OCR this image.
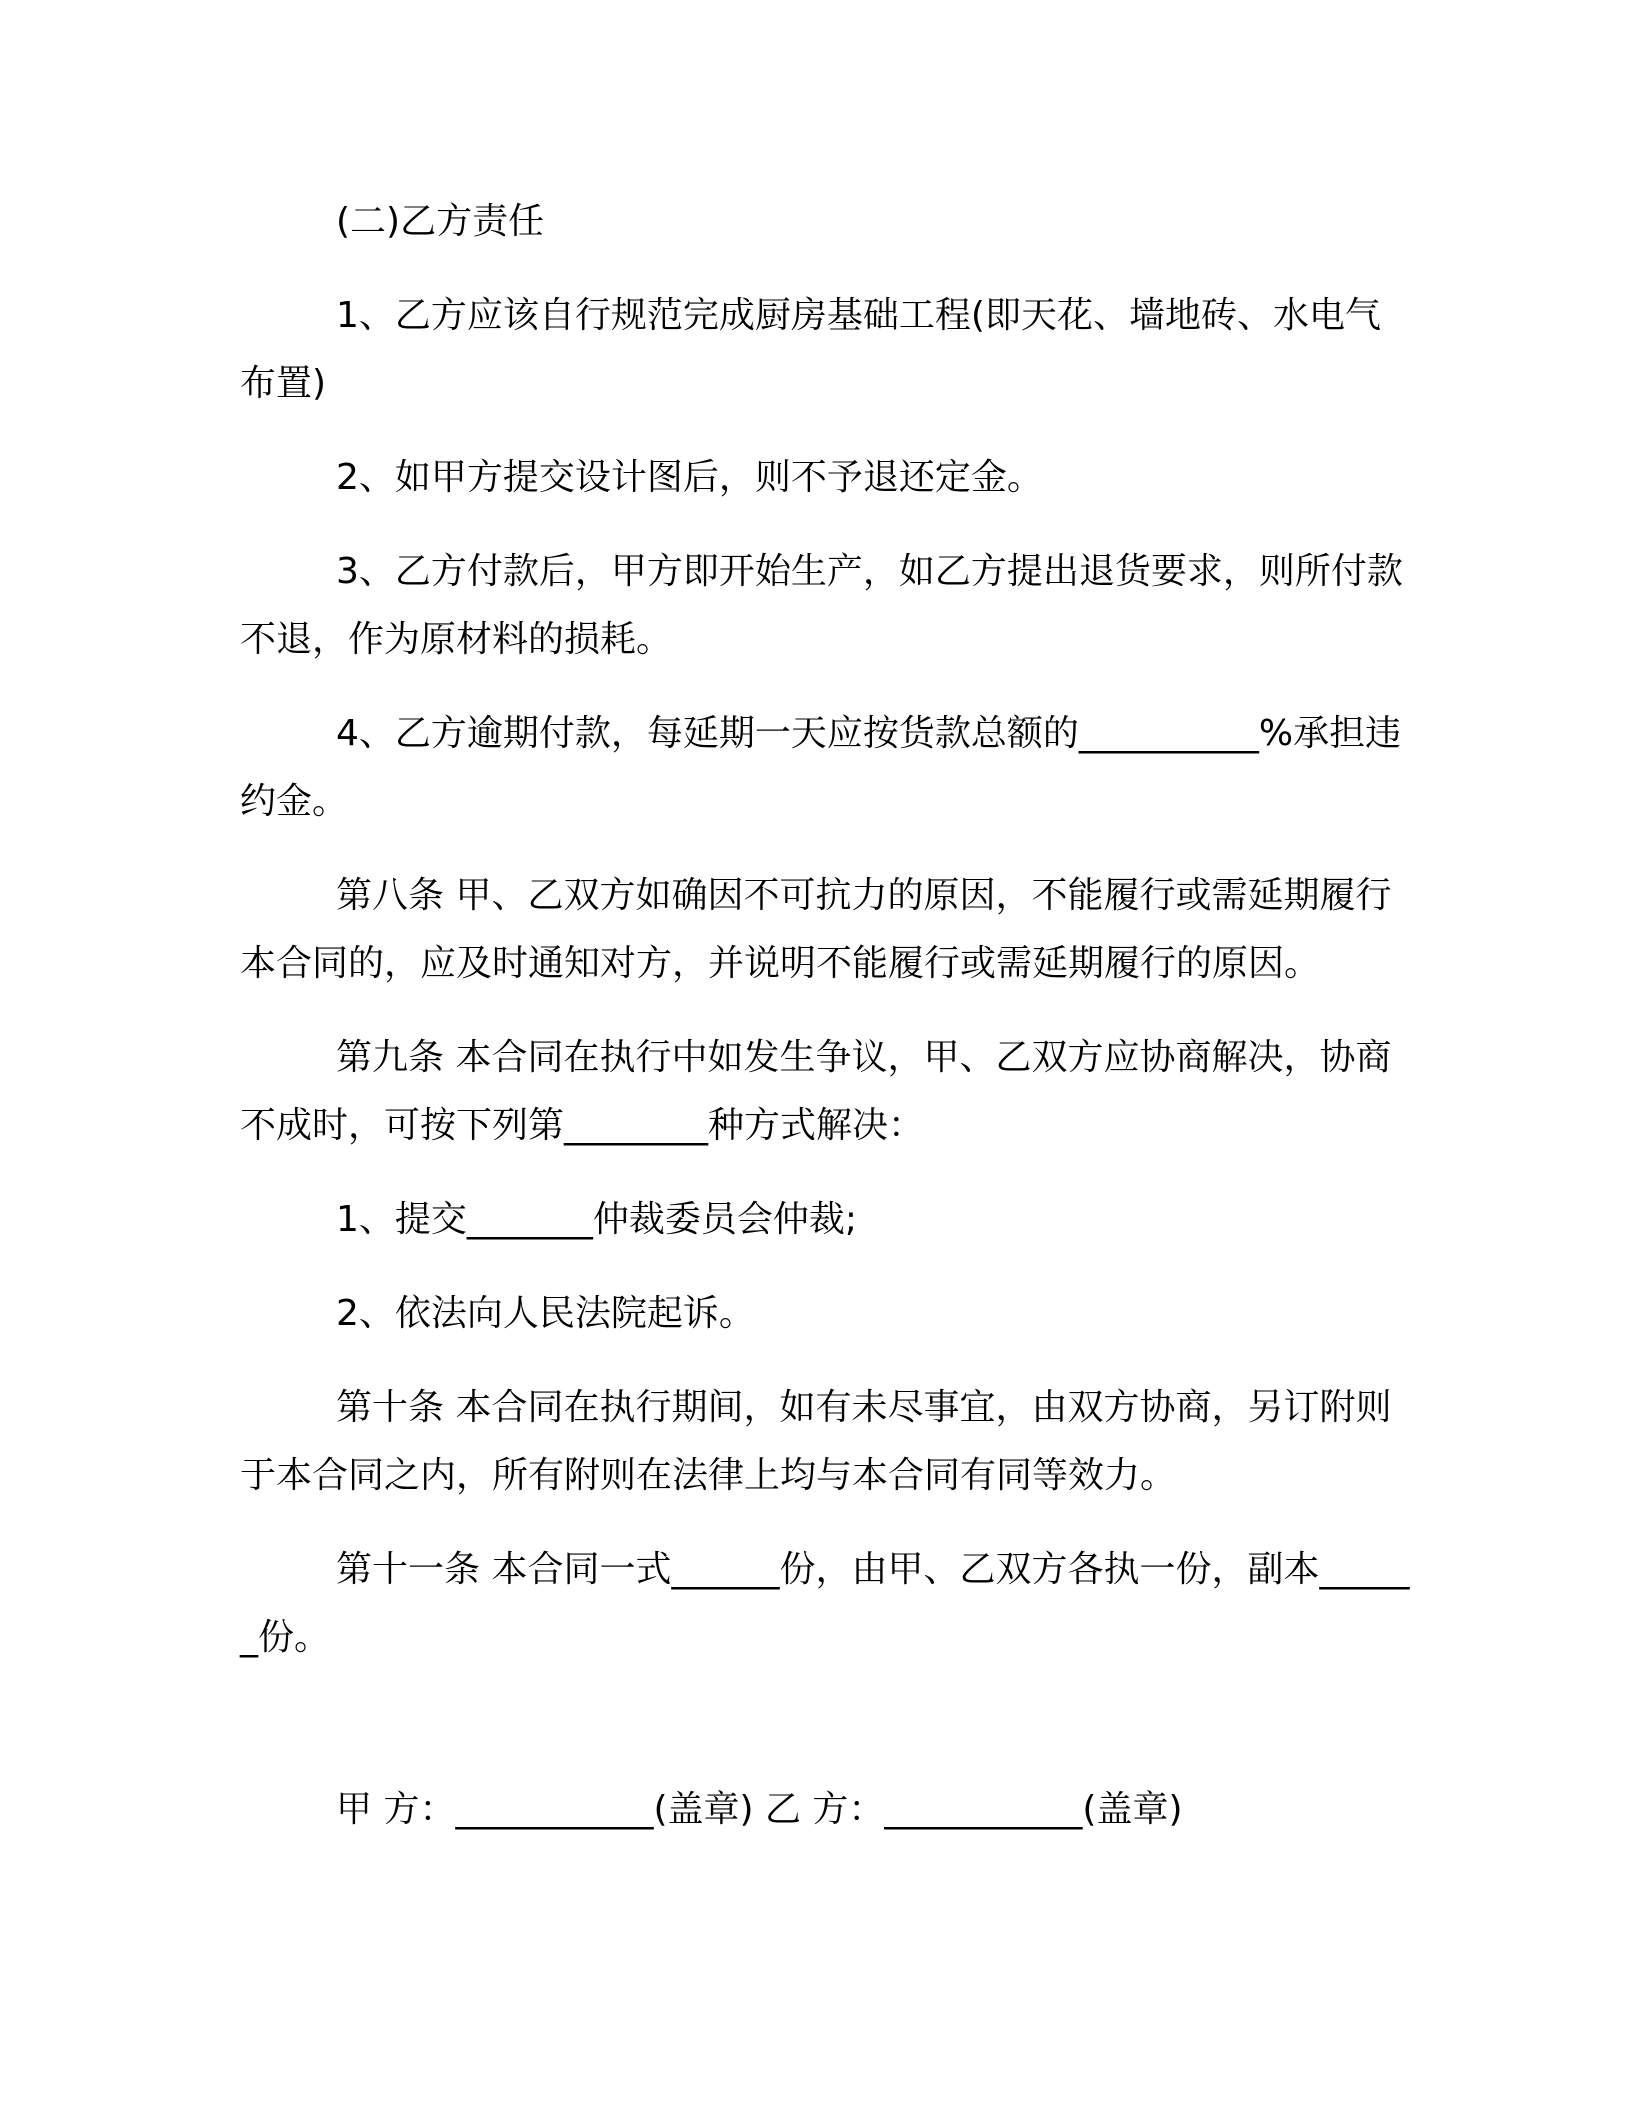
(二)乙方责任

1、乙方应该自行规范完成厨房基础工程(即天花、墙地砖、水电气布置)

2、如甲方提交设计图后，则不予退还定金。

3、乙方付款后，甲方即开始生产，如乙方提出退货要求，则所付款不退，作为原材料的损耗。

4、乙方逾期付款，每延期一天应按货款总额的__________%承担违约金。

第八条 甲、乙双方如确因不可抗力的原因，不能履行或需延期履行本合同的，应及时通知对方，并说明不能履行或需延期履行的原因。

第九条 本合同在执行中如发生争议，甲、乙双方应协商解决，协商不成时，可按下列第________种方式解决：

1、提交_______仲裁委员会仲裁;

2、依法向人民法院起诉。

第十条 本合同在执行期间，如有未尽事宜，由双方协商，另订附则于本合同之内，所有附则在法律上均与本合同有同等效力。

第十一条 本合同一式______份，由甲、乙双方各执一份，副本______份。

甲 方：___________(盖章) 乙 方：___________(盖章)
